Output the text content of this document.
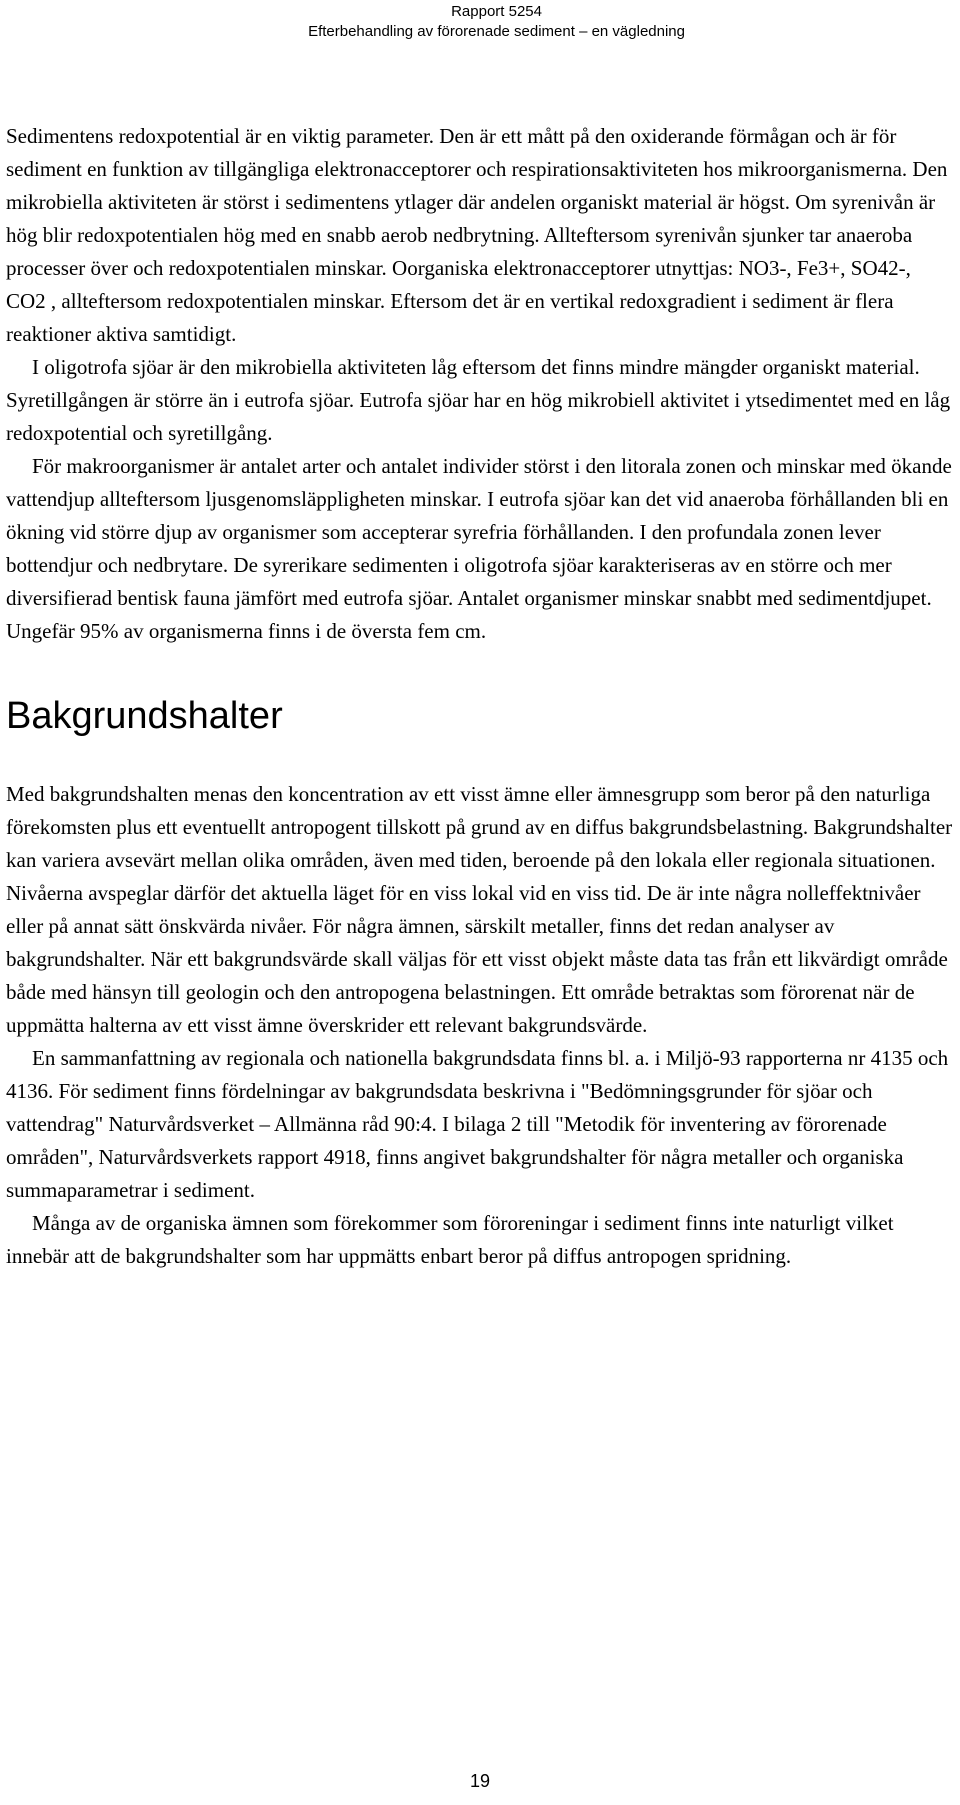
Rapport 5254
Efterbehandling av förorenade sediment – en vägledning

Sedimentens redoxpotential är en viktig parameter. Den är ett mått på den oxiderande förmågan och är för sediment en funktion av tillgängliga elektronacceptorer och respirationsaktiviteten hos mikroorganismerna. Den mikrobiella aktiviteten är störst i sedimentens ytlager där andelen organiskt material är högst. Om syrenivån är hög blir redoxpotentialen hög med en snabb aerob nedbrytning. Allteftersom syrenivån sjunker tar anaeroba processer över och redoxpotentialen minskar. Oorganiska elektronacceptorer utnyttjas: NO3-, Fe3+, SO42-, CO2 , allteftersom redoxpotentialen minskar. Eftersom det är en vertikal redoxgradient i sediment är flera reaktioner aktiva samtidigt.

I oligotrofa sjöar är den mikrobiella aktiviteten låg eftersom det finns mindre mängder organiskt material. Syretillgången är större än i eutrofa sjöar. Eutrofa sjöar har en hög mikrobiell aktivitet i ytsedimentet med en låg redoxpotential och syretillgång.

För makroorganismer är antalet arter och antalet individer störst i den litorala zonen och minskar med ökande vattendjup allteftersom ljusgenomsläppligheten minskar. I eutrofa sjöar kan det vid anaeroba förhållanden bli en ökning vid större djup av organismer som accepterar syrefria förhållanden. I den profundala zonen lever bottendjur och nedbrytare. De syrerikare sedimenten i oligotrofa sjöar karakteriseras av en större och mer diversifierad bentisk fauna jämfört med eutrofa sjöar. Antalet organismer minskar snabbt med sedimentdjupet. Ungefär 95% av organismerna finns i de översta fem cm.

Bakgrundshalter

Med bakgrundshalten menas den koncentration av ett visst ämne eller ämnesgrupp som beror på den naturliga förekomsten plus ett eventuellt antropogent tillskott på grund av en diffus bakgrundsbelastning. Bakgrundshalter kan variera avsevärt mellan olika områden, även med tiden, beroende på den lokala eller regionala situationen. Nivåerna avspeglar därför det aktuella läget för en viss lokal vid en viss tid. De är inte några nolleffektnivåer eller på annat sätt önskvärda nivåer. För några ämnen, särskilt metaller, finns det redan analyser av bakgrundshalter. När ett bakgrundsvärde skall väljas för ett visst objekt måste data tas från ett likvärdigt område både med hänsyn till geologin och den antropogena belastningen. Ett område betraktas som förorenat när de uppmätta halterna av ett visst ämne överskrider ett relevant bakgrundsvärde.

En sammanfattning av regionala och nationella bakgrundsdata finns bl. a. i Miljö-93 rapporterna nr 4135 och 4136. För sediment finns fördelningar av bakgrundsdata beskrivna i "Bedömningsgrunder för sjöar och vattendrag" Naturvårdsverket – Allmänna råd 90:4. I bilaga 2 till "Metodik för inventering av förorenade områden", Naturvårdsverkets rapport 4918, finns angivet bakgrundshalter för några metaller och organiska summaparametrar i sediment.

Många av de organiska ämnen som förekommer som föroreningar i sediment finns inte naturligt vilket innebär att de bakgrundshalter som har uppmätts enbart beror på diffus antropogen spridning.

19
